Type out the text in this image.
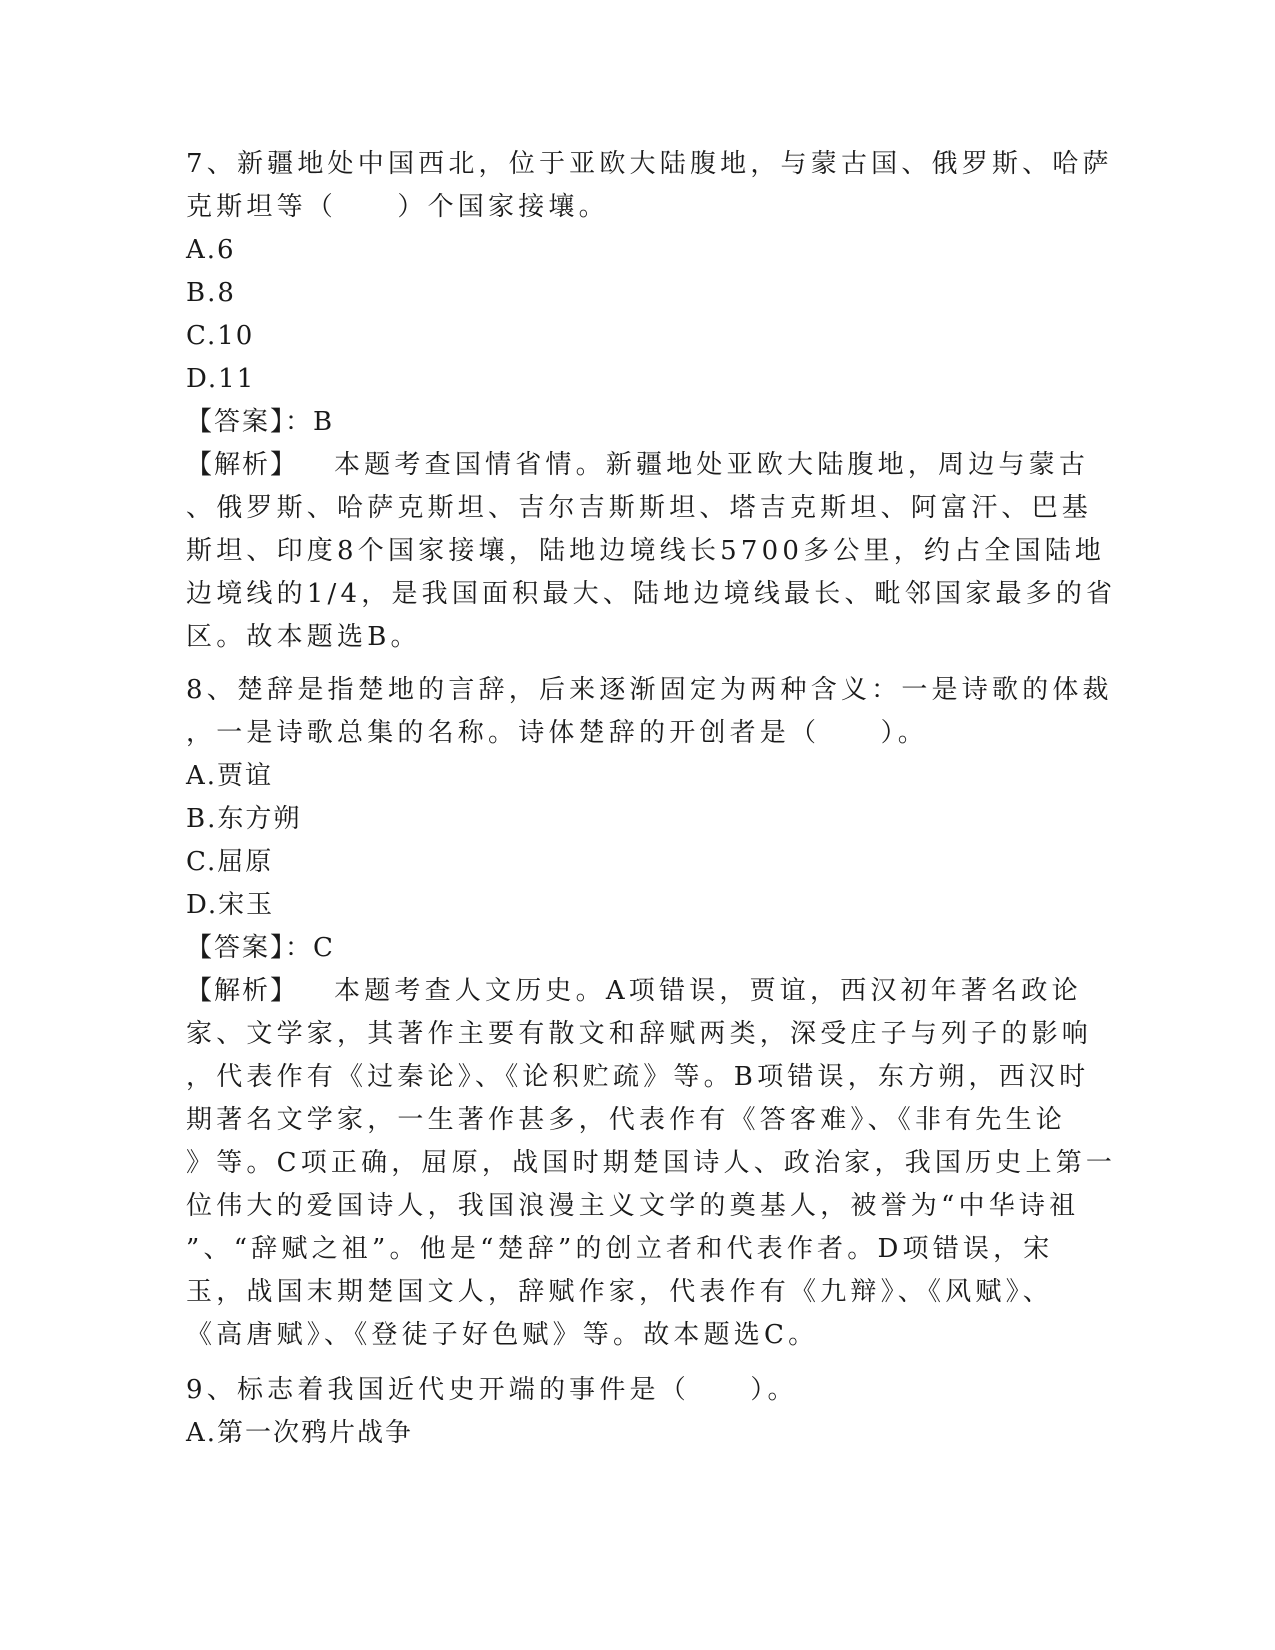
7、新疆地处中国西北，位于亚欧大陆腹地，与蒙古国、俄罗斯、哈萨
克斯坦等（　　）个国家接壤。
A.6
B.8
C.10
D.11
【答案】：B
【解析】 本题考查国情省情。新疆地处亚欧大陆腹地，周边与蒙古
、俄罗斯、哈萨克斯坦、吉尔吉斯斯坦、塔吉克斯坦、阿富汗、巴基
斯坦、印度8个国家接壤，陆地边境线长5700多公里，约占全国陆地
边境线的1/4，是我国面积最大、陆地边境线最长、毗邻国家最多的省
区。故本题选B。
8、楚辞是指楚地的言辞，后来逐渐固定为两种含义：一是诗歌的体裁
，一是诗歌总集的名称。诗体楚辞的开创者是（　　）。
A.贾谊
B.东方朔
C.屈原
D.宋玉
【答案】：C
【解析】 本题考查人文历史。A项错误，贾谊，西汉初年著名政论
家、文学家，其著作主要有散文和辞赋两类，深受庄子与列子的影响
，代表作有《过秦论》、《论积贮疏》等。B项错误，东方朔，西汉时
期著名文学家，一生著作甚多，代表作有《答客难》、《非有先生论
》等。C项正确，屈原，战国时期楚国诗人、政治家，我国历史上第一
位伟大的爱国诗人，我国浪漫主义文学的奠基人，被誉为“中华诗祖
”、“辞赋之祖”。他是“楚辞”的创立者和代表作者。D项错误，宋
玉，战国末期楚国文人，辞赋作家，代表作有《九辩》、《风赋》、
《高唐赋》、《登徒子好色赋》等。故本题选C。
9、标志着我国近代史开端的事件是（　　）。
A.第一次鸦片战争
